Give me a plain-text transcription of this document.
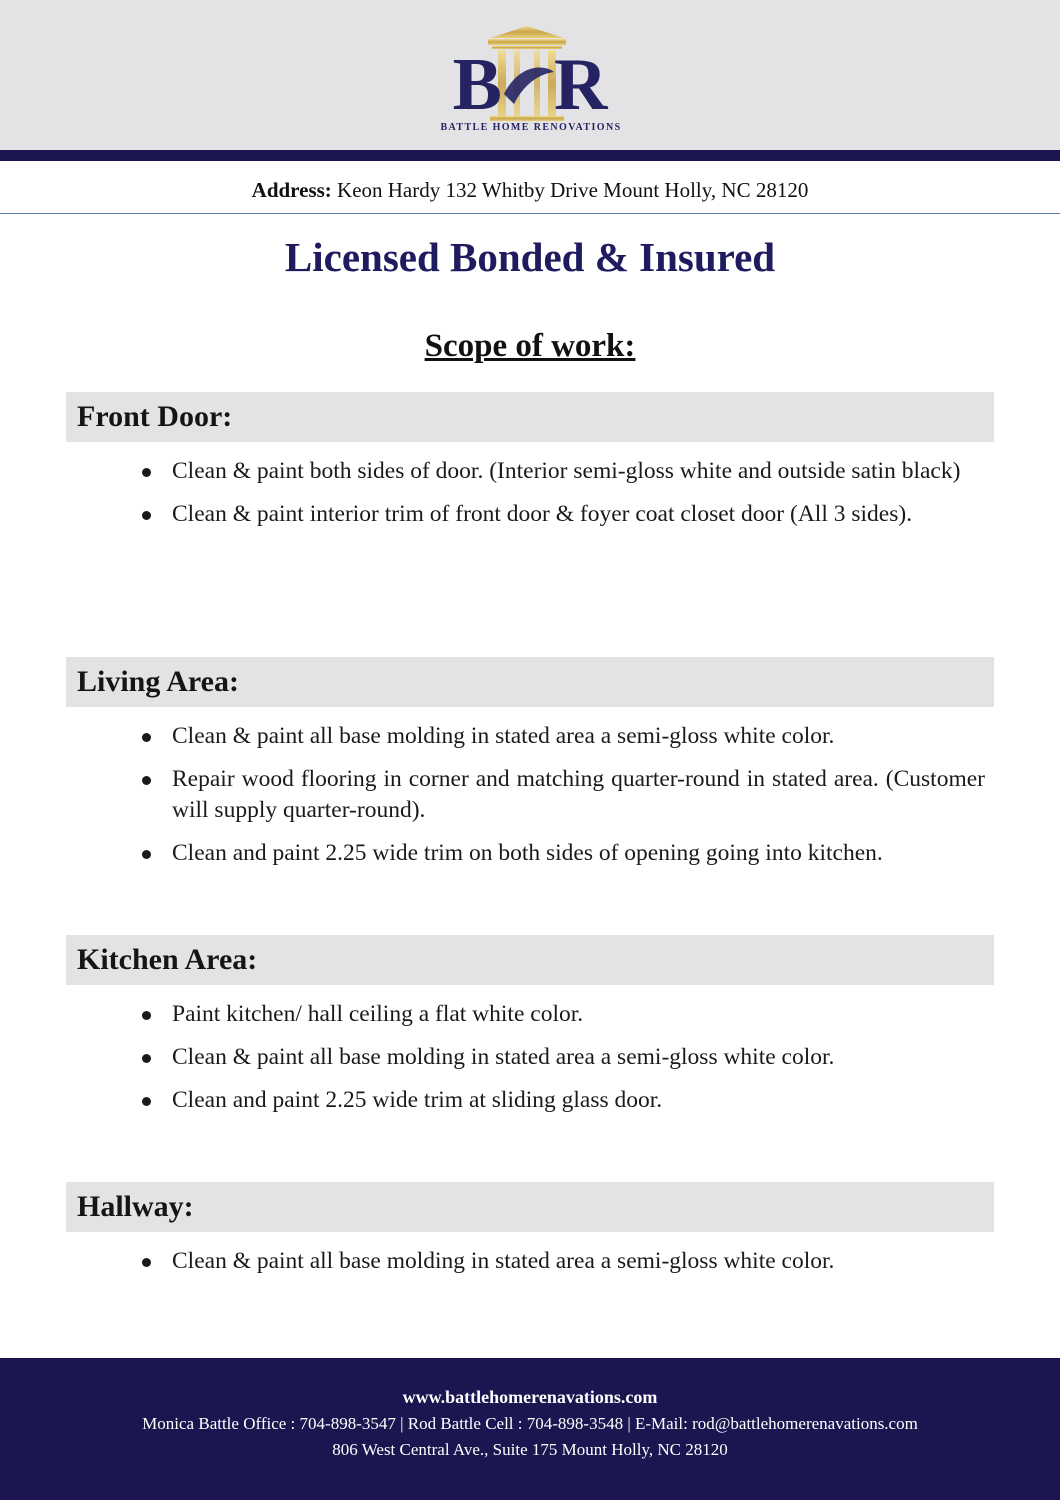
B R
BATTLE HOME RENOVATIONS
Address: Keon Hardy 132 Whitby Drive Mount Holly, NC 28120
Licensed Bonded & Insured
Scope of work:
Front Door:
Clean & paint both sides of door. (Interior semi-gloss white and outside satin black)
Clean & paint interior trim of front door & foyer coat closet door (All 3 sides).
Living Area:
Clean & paint all base molding in stated area a semi-gloss white color.
Repair wood flooring in corner and matching quarter-round in stated area. (Customer will supply quarter-round).
Clean and paint 2.25 wide trim on both sides of opening going into kitchen.
Kitchen Area:
Paint kitchen/ hall ceiling a flat white color.
Clean & paint all base molding in stated area a semi-gloss white color.
Clean and paint 2.25 wide trim at sliding glass door.
Hallway:
Clean & paint all base molding in stated area a semi-gloss white color.
www.battlehomerenavations.com
Monica Battle Office : 704-898-3547 | Rod Battle Cell : 704-898-3548 | E-Mail: rod@battlehomerenavations.com
806 West Central Ave., Suite 175 Mount Holly, NC 28120
